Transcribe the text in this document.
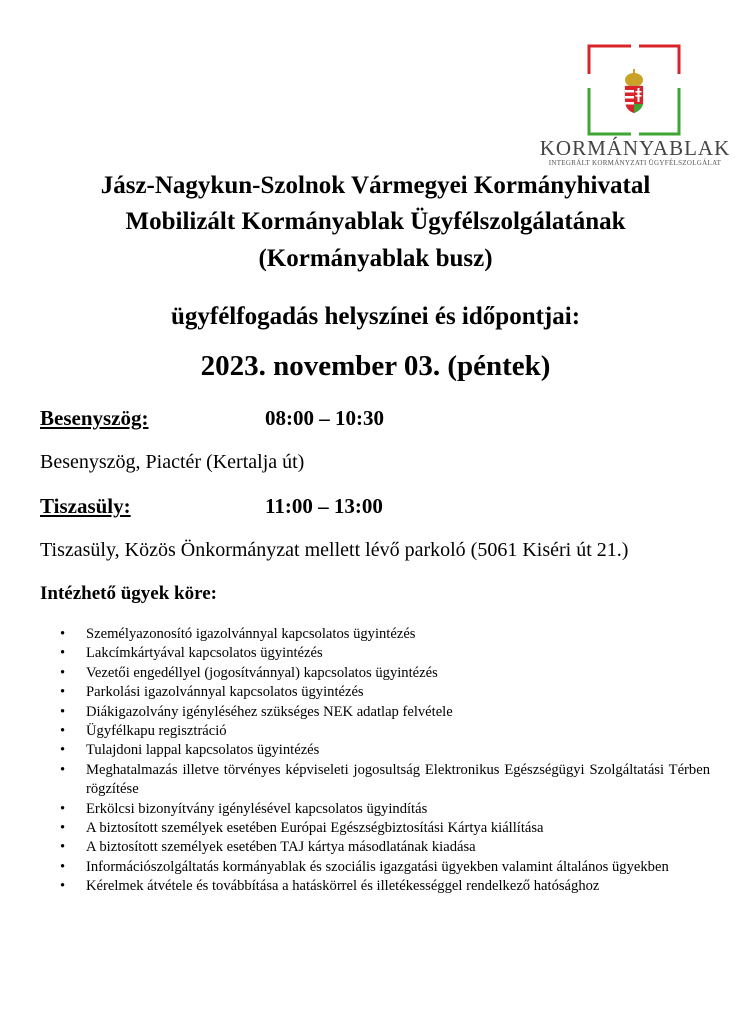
KORMÁNYABLAK
INTEGRÁLT KORMÁNYZATI ÜGYFÉLSZOLGÁLAT
Jász-Nagykun-Szolnok Vármegyei Kormányhivatal
Mobilizált Kormányablak Ügyfélszolgálatának
(Kormányablak busz)
ügyfélfogadás helyszínei és időpontjai:
2023. november 03. (péntek)
Besenyszög:	08:00 – 10:30
Besenyszög, Piactér (Kertalja út)
Tiszasüly:	11:00 – 13:00
Tiszasüly, Közös Önkormányzat mellett lévő parkoló (5061 Kiséri út 21.)
Intézhető ügyek köre:
• Személyazonosító igazolvánnyal kapcsolatos ügyintézés
• Lakcímkártyával kapcsolatos ügyintézés
• Vezetői engedéllyel (jogosítvánnyal) kapcsolatos ügyintézés
• Parkolási igazolvánnyal kapcsolatos ügyintézés
• Diákigazolvány igényléséhez szükséges NEK adatlap felvétele
• Ügyfélkapu regisztráció
• Tulajdoni lappal kapcsolatos ügyintézés
• Meghatalmazás illetve törvényes képviseleti jogosultság Elektronikus Egészségügyi Szolgáltatási Térben rögzítése
• Erkölcsi bizonyítvány igénylésével kapcsolatos ügyindítás
• A biztosított személyek esetében Európai Egészségbiztosítási Kártya kiállítása
• A biztosított személyek esetében TAJ kártya másodlatának kiadása
• Információszolgáltatás kormányablak és szociális igazgatási ügyekben valamint általános ügyekben
• Kérelmek átvétele és továbbítása a hatáskörrel és illetékességgel rendelkező hatósághoz
